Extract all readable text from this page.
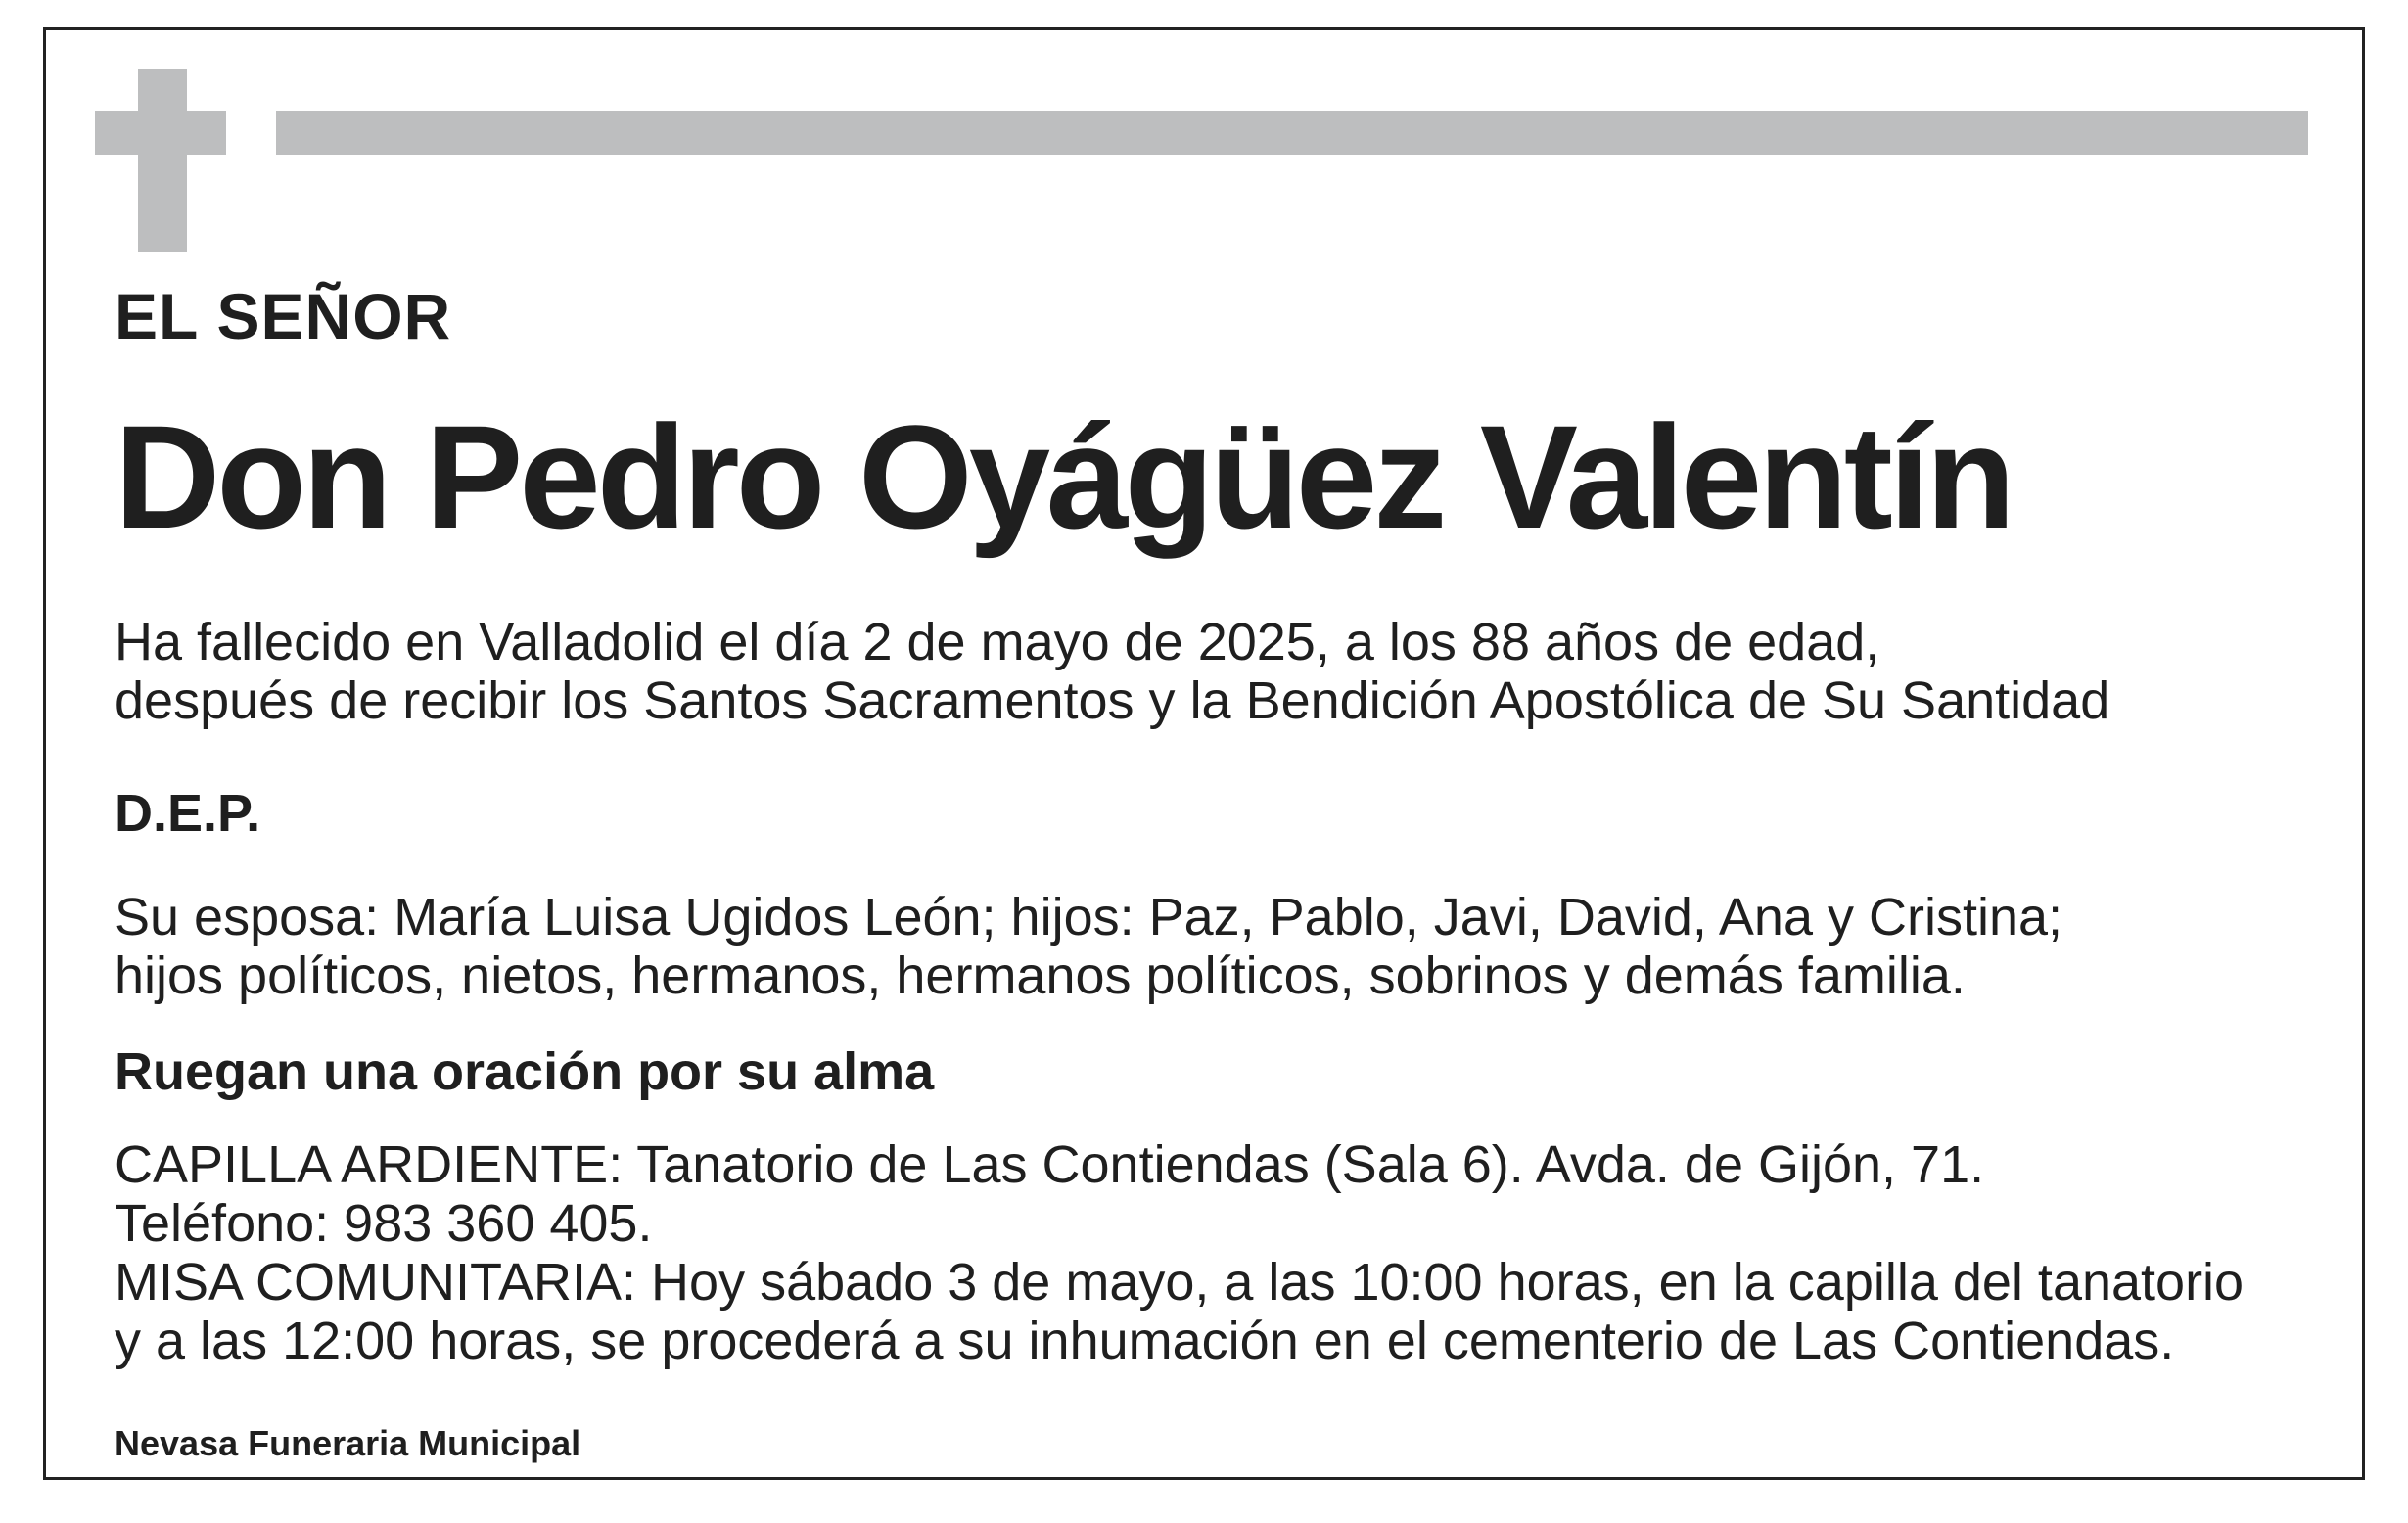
EL SEÑOR
Don Pedro Oyágüez Valentín
Ha fallecido en Valladolid el día 2 de mayo de 2025, a los 88 años de edad,
después de recibir los Santos Sacramentos y la Bendición Apostólica de Su Santidad
D.E.P.
Su esposa: María Luisa Ugidos León; hijos: Paz, Pablo, Javi, David, Ana y Cristina;
hijos políticos, nietos, hermanos, hermanos políticos, sobrinos y demás familia.
Ruegan una oración por su alma
CAPILLA ARDIENTE: Tanatorio de Las Contiendas (Sala 6). Avda. de Gijón, 71.
Teléfono: 983 360 405.
MISA COMUNITARIA: Hoy sábado 3 de mayo, a las 10:00 horas, en la capilla del tanatorio
y a las 12:00 horas, se procederá a su inhumación en el cementerio de Las Contiendas.
Nevasa Funeraria Municipal
